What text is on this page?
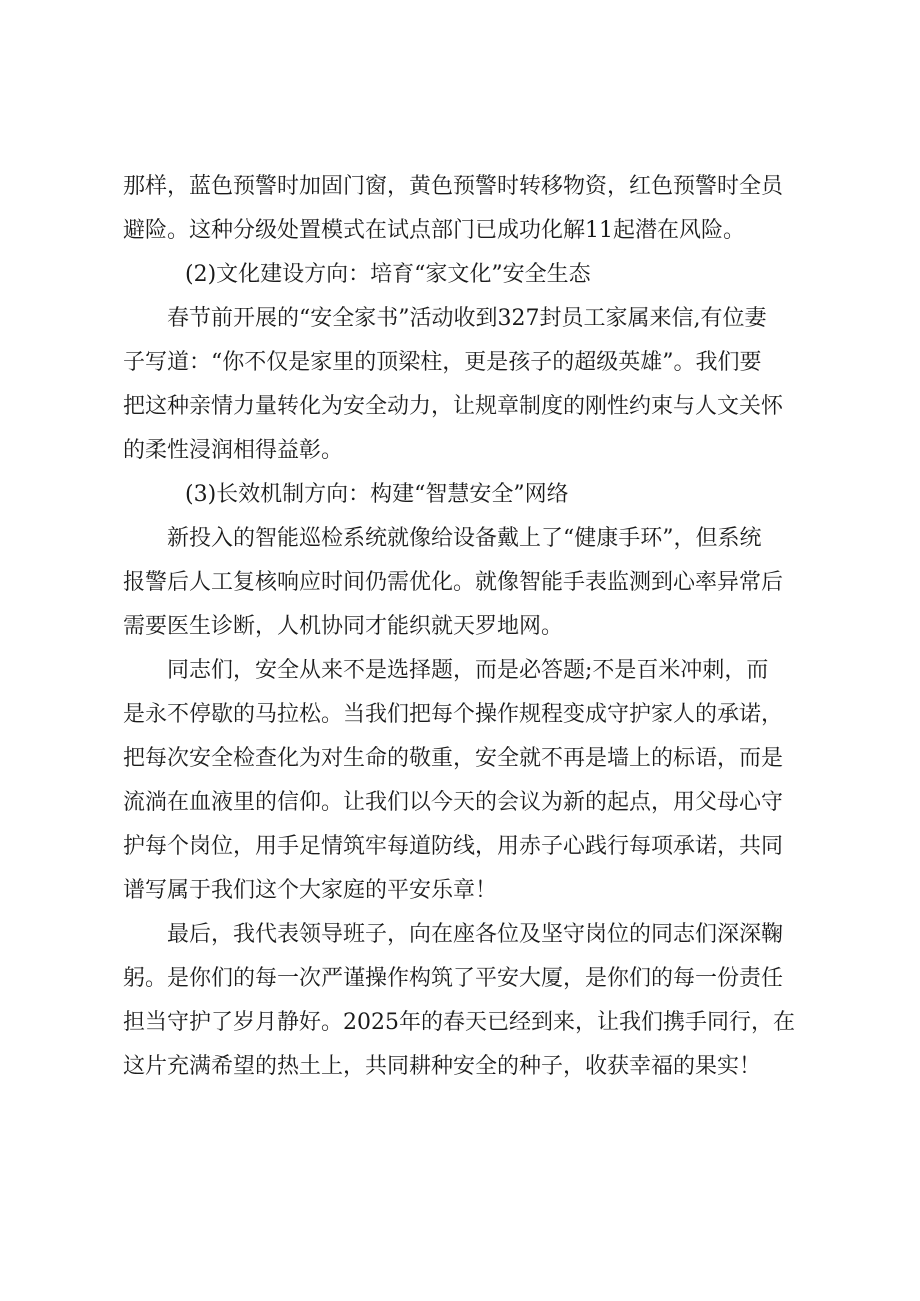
那样，蓝色预警时加固门窗，黄色预警时转移物资，红色预警时全员
避险。这种分级处置模式在试点部门已成功化解11起潜在风险。

(2)文化建设方向：培育“家文化”安全生态

春节前开展的“安全家书”活动收到327封员工家属来信,有位妻
子写道：“你不仅是家里的顶梁柱，更是孩子的超级英雄”。我们要
把这种亲情力量转化为安全动力，让规章制度的刚性约束与人文关怀
的柔性浸润相得益彰。

(3)长效机制方向：构建“智慧安全”网络

新投入的智能巡检系统就像给设备戴上了“健康手环”，但系统
报警后人工复核响应时间仍需优化。就像智能手表监测到心率异常后
需要医生诊断，人机协同才能织就天罗地网。

同志们，安全从来不是选择题，而是必答题;不是百米冲刺，而
是永不停歇的马拉松。当我们把每个操作规程变成守护家人的承诺，
把每次安全检查化为对生命的敬重，安全就不再是墙上的标语，而是
流淌在血液里的信仰。让我们以今天的会议为新的起点，用父母心守
护每个岗位，用手足情筑牢每道防线，用赤子心践行每项承诺，共同
谱写属于我们这个大家庭的平安乐章！

最后，我代表领导班子，向在座各位及坚守岗位的同志们深深鞠
躬。是你们的每一次严谨操作构筑了平安大厦，是你们的每一份责任
担当守护了岁月静好。2025年的春天已经到来，让我们携手同行，在
这片充满希望的热土上，共同耕种安全的种子，收获幸福的果实！
